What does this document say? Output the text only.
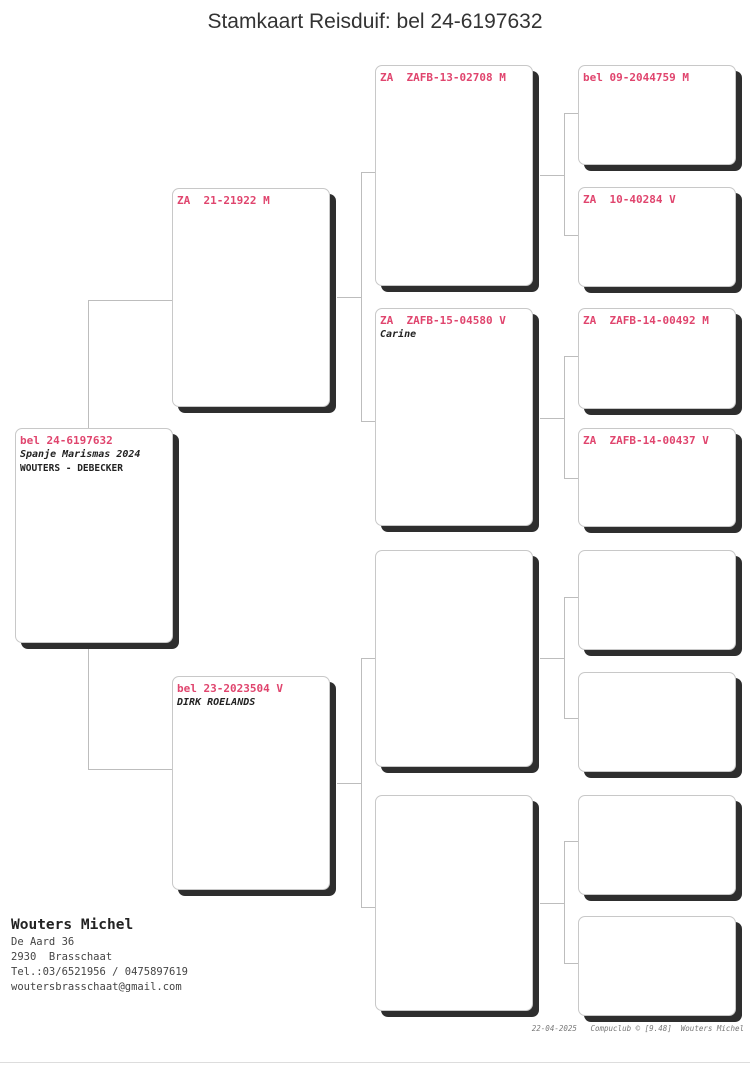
Stamkaart Reisduif: bel 24-6197632
bel 24-6197632
Spanje Marismas 2024
WOUTERS - DEBECKER
ZA  21-21922 M
bel 23-2023504 V
DIRK ROELANDS
ZA  ZAFB-13-02708 M
ZA  ZAFB-15-04580 V
Carine
bel 09-2044759 M
ZA  10-40284 V
ZA  ZAFB-14-00492 M
ZA  ZAFB-14-00437 V
Wouters Michel
De Aard 36
2930  Brasschaat
Tel.:03/6521956 / 0475897619
woutersbrasschaat@gmail.com
22-04-2025 Compuclub © [9.48] Wouters Michel
